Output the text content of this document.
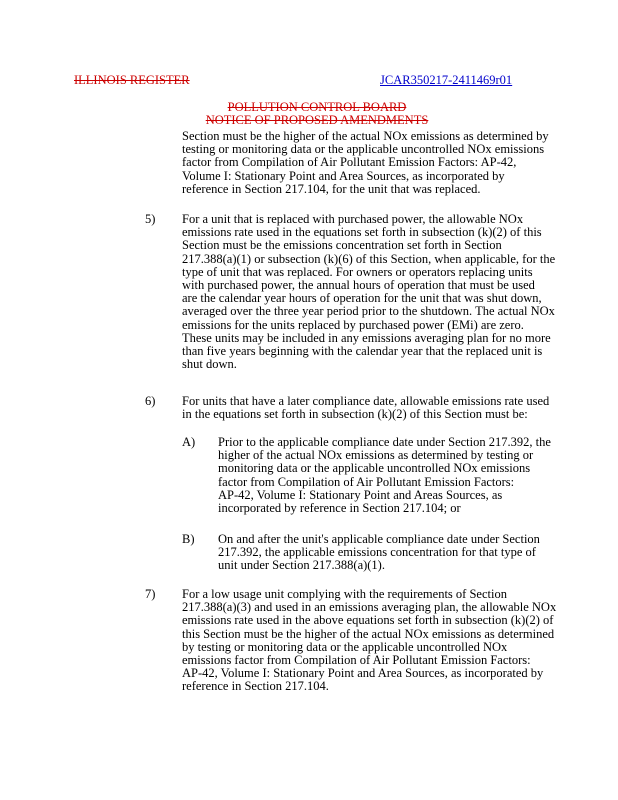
ILLINOIS REGISTER	JCAR350217-2411469r01
POLLUTION CONTROL BOARD
NOTICE OF PROPOSED AMENDMENTS
Section must be the higher of the actual NOx emissions as determined by
testing or monitoring data or the applicable uncontrolled NOx emissions
factor from Compilation of Air Pollutant Emission Factors: AP-42,
Volume I: Stationary Point and Area Sources, as incorporated by
reference in Section 217.104, for the unit that was replaced.
5) For a unit that is replaced with purchased power, the allowable NOx
emissions rate used in the equations set forth in subsection (k)(2) of this
Section must be the emissions concentration set forth in Section
217.388(a)(1) or subsection (k)(6) of this Section, when applicable, for the
type of unit that was replaced. For owners or operators replacing units
with purchased power, the annual hours of operation that must be used
are the calendar year hours of operation for the unit that was shut down,
averaged over the three year period prior to the shutdown. The actual NOx
emissions for the units replaced by purchased power (EMi) are zero.
These units may be included in any emissions averaging plan for no more
than five years beginning with the calendar year that the replaced unit is
shut down.
6) For units that have a later compliance date, allowable emissions rate used
in the equations set forth in subsection (k)(2) of this Section must be:
A) Prior to the applicable compliance date under Section 217.392, the
higher of the actual NOx emissions as determined by testing or
monitoring data or the applicable uncontrolled NOx emissions
factor from Compilation of Air Pollutant Emission Factors:
AP-42, Volume I: Stationary Point and Areas Sources, as
incorporated by reference in Section 217.104; or
B) On and after the unit's applicable compliance date under Section
217.392, the applicable emissions concentration for that type of
unit under Section 217.388(a)(1).
7) For a low usage unit complying with the requirements of Section
217.388(a)(3) and used in an emissions averaging plan, the allowable NOx
emissions rate used in the above equations set forth in subsection (k)(2) of
this Section must be the higher of the actual NOx emissions as determined
by testing or monitoring data or the applicable uncontrolled NOx
emissions factor from Compilation of Air Pollutant Emission Factors:
AP-42, Volume I: Stationary Point and Area Sources, as incorporated by
reference in Section 217.104.
